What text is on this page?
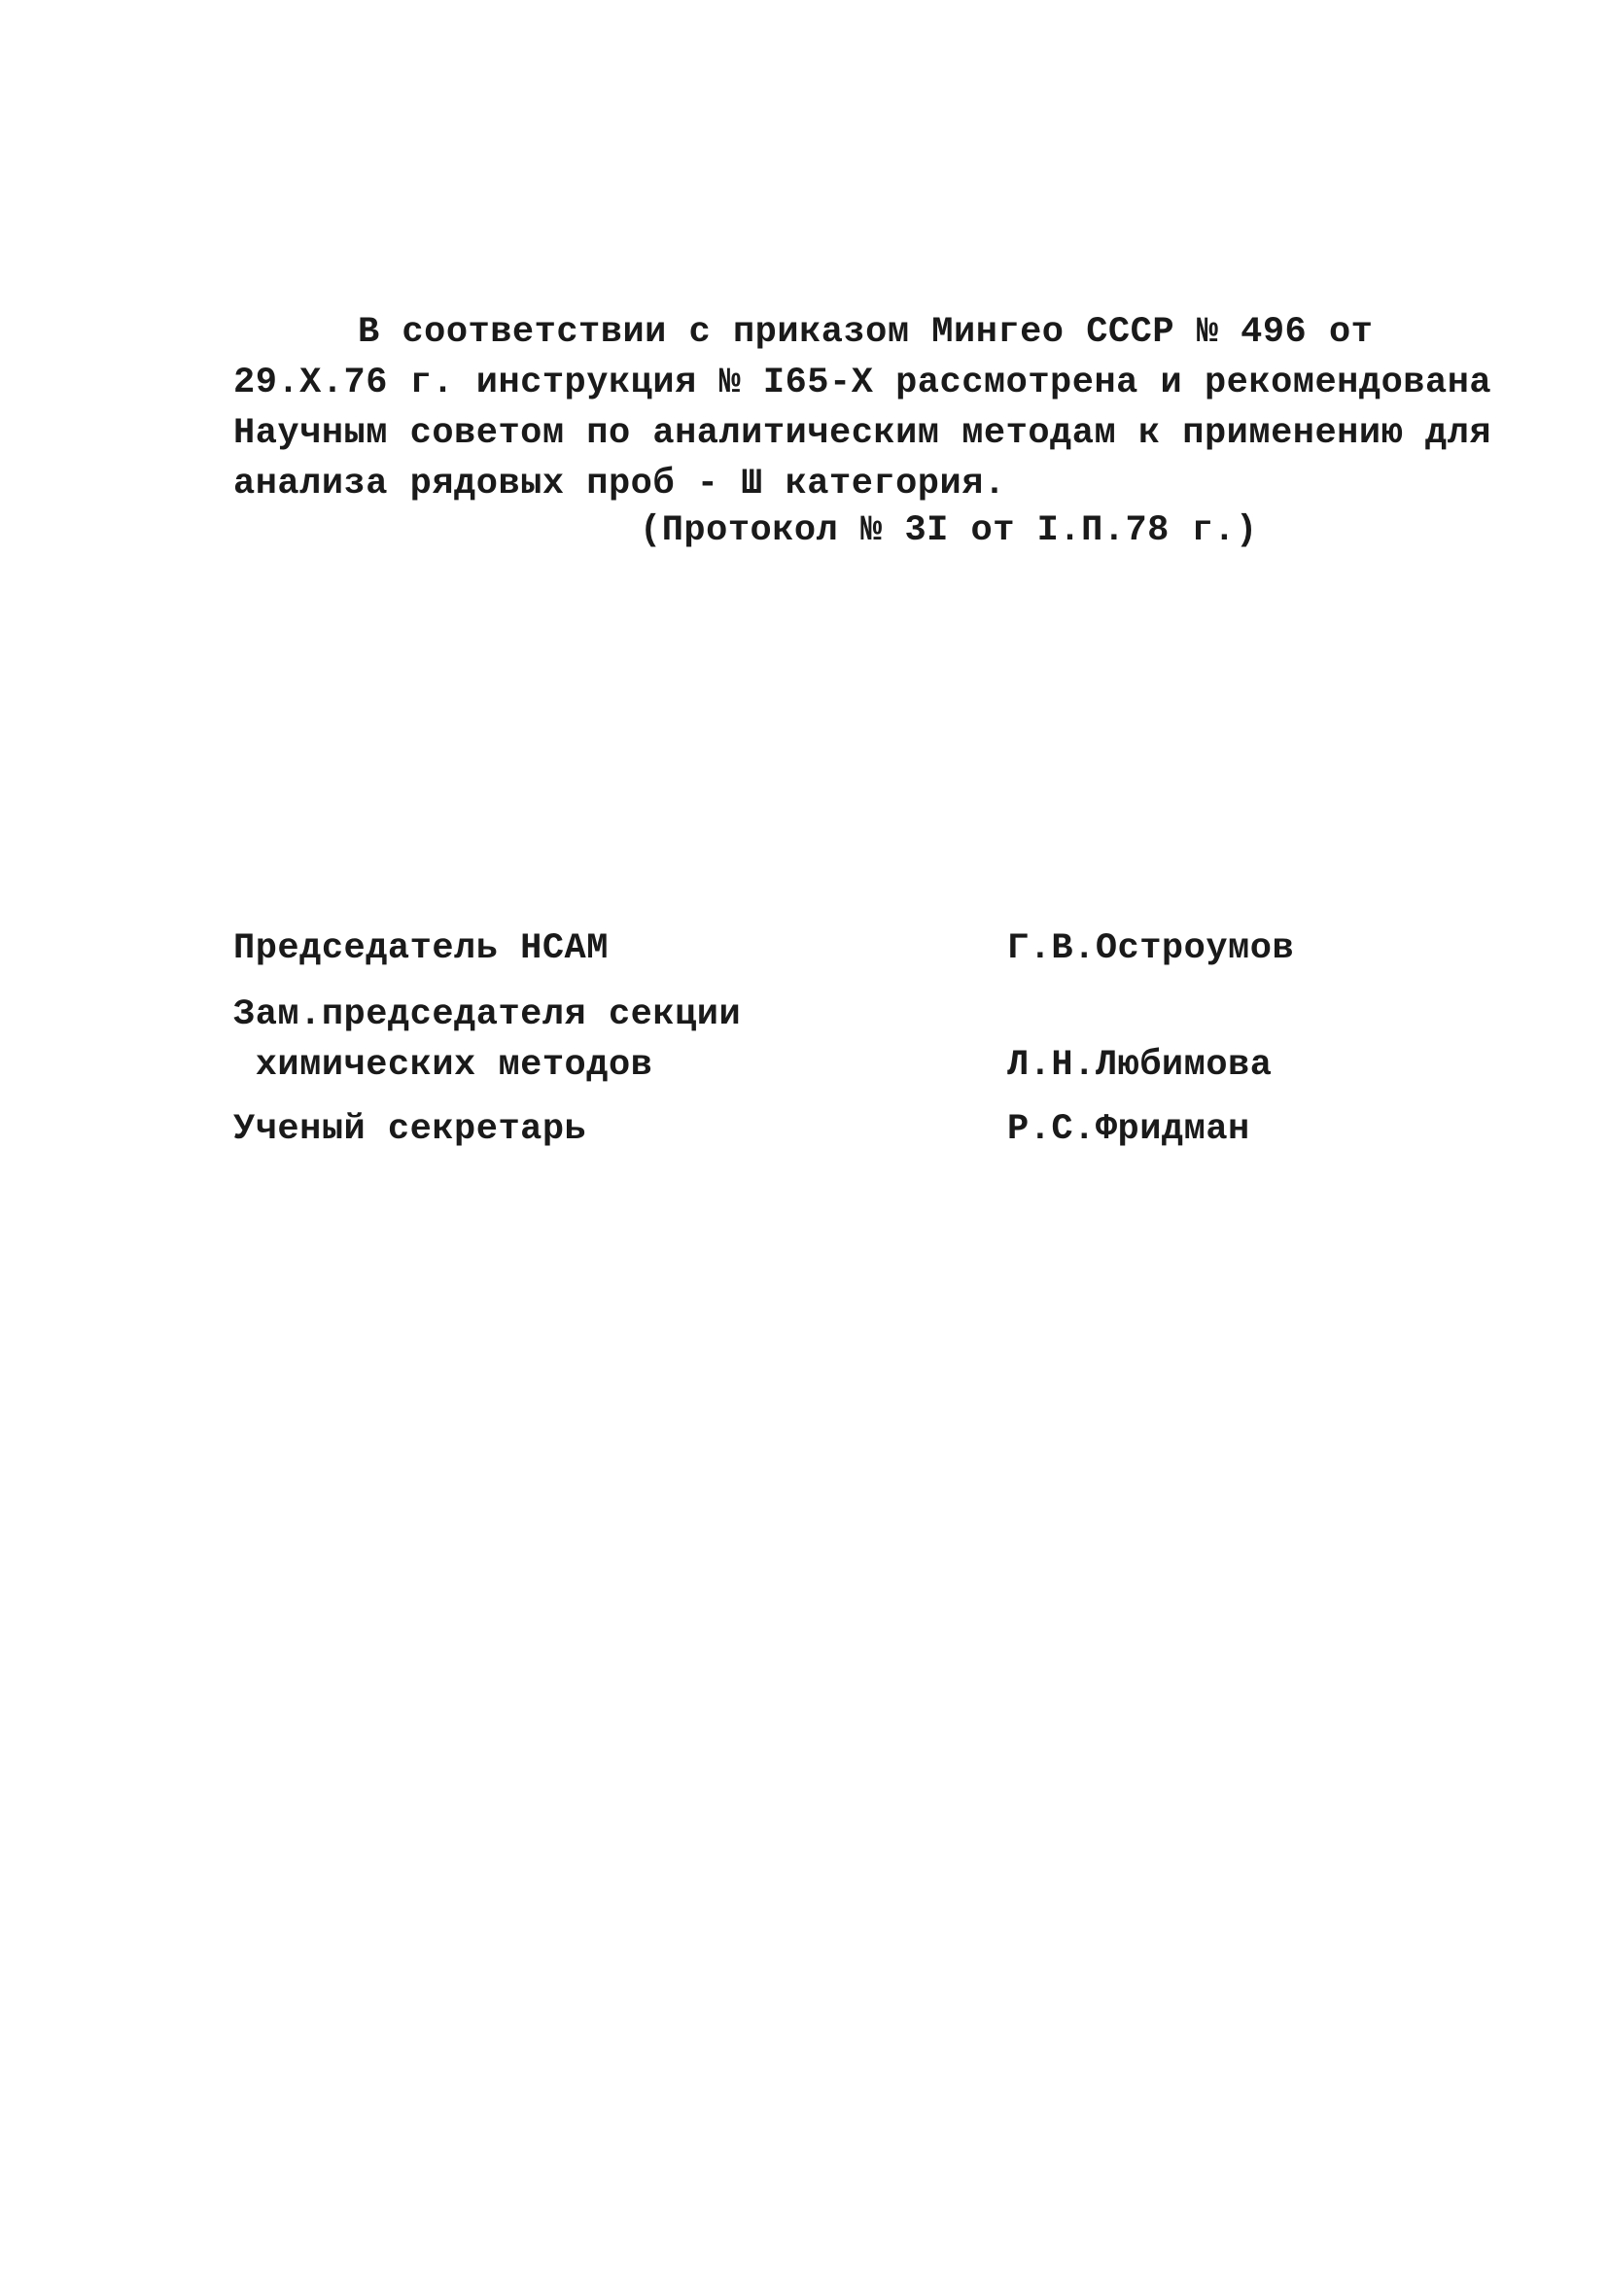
В соответствии с приказом Мингео СССР № 496 от
29.X.76 г. инструкция № I65-X рассмотрена и рекомендована
Научным советом по аналитическим методам к применению для
анализа рядовых проб - Ш категория.
(Протокол № 3I от I.П.78 г.)
Председатель НСАМ	Г.В.Остроумов
Зам.председателя секции
химических методов	Л.Н.Любимова
Ученый секретарь	Р.С.Фридман
